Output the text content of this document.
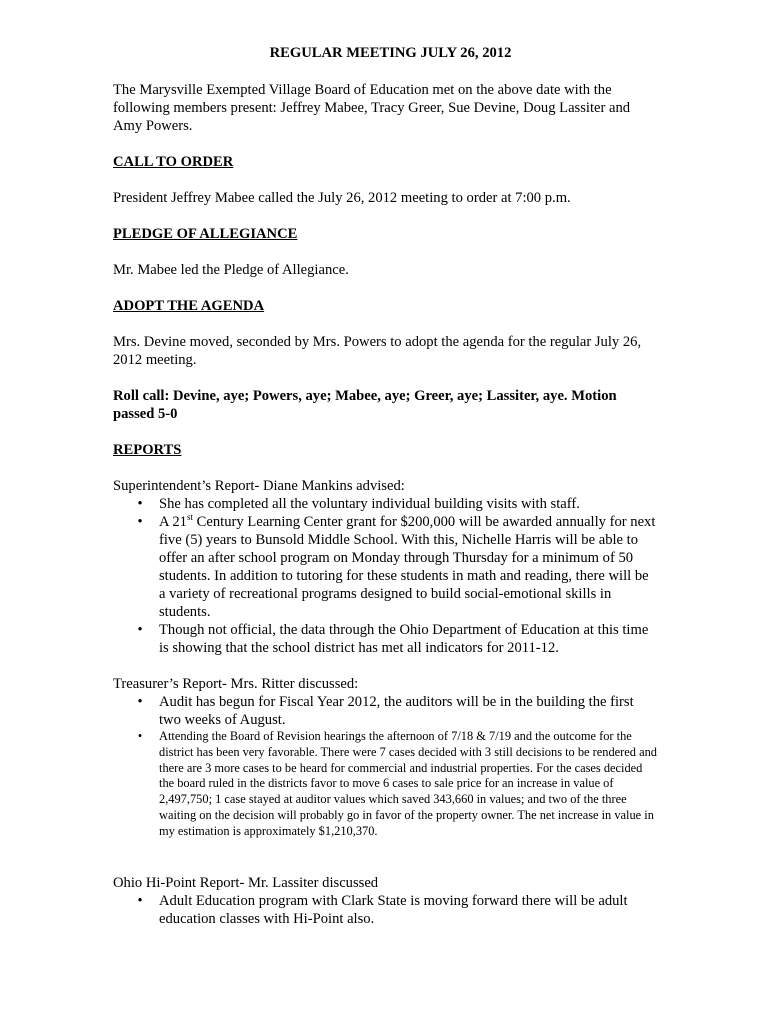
REGULAR MEETING JULY 26, 2012

The Marysville Exempted Village Board of Education met on the above date with the following members present: Jeffrey Mabee, Tracy Greer, Sue Devine, Doug Lassiter and Amy Powers.

CALL TO ORDER

President Jeffrey Mabee called the July 26, 2012 meeting to order at 7:00 p.m.

PLEDGE OF ALLEGIANCE

Mr. Mabee led the Pledge of Allegiance.

ADOPT THE AGENDA

Mrs. Devine moved, seconded by Mrs. Powers to adopt the agenda for the regular July 26, 2012 meeting.

Roll call: Devine, aye; Powers, aye; Mabee, aye; Greer, aye; Lassiter, aye. Motion passed 5-0

REPORTS

Superintendent’s Report- Diane Mankins advised:

• She has completed all the voluntary individual building visits with staff.
• A 21st Century Learning Center grant for $200,000 will be awarded annually for next five (5) years to Bunsold Middle School. With this, Nichelle Harris will be able to offer an after school program on Monday through Thursday for a minimum of 50 students. In addition to tutoring for these students in math and reading, there will be a variety of recreational programs designed to build social-emotional skills in students.
• Though not official, the data through the Ohio Department of Education at this time is showing that the school district has met all indicators for 2011-12.

Treasurer’s Report- Mrs. Ritter discussed:

• Audit has begun for Fiscal Year 2012, the auditors will be in the building the first two weeks of August.
• Attending the Board of Revision hearings the afternoon of 7/18 & 7/19 and the outcome for the district has been very favorable. There were 7 cases decided with 3 still decisions to be rendered and there are 3 more cases to be heard for commercial and industrial properties. For the cases decided the board ruled in the districts favor to move 6 cases to sale price for an increase in value of 2,497,750; 1 case stayed at auditor values which saved 343,660 in values; and two of the three waiting on the decision will probably go in favor of the property owner. The net increase in value in my estimation is approximately $1,210,370.

Ohio Hi-Point Report- Mr. Lassiter discussed

• Adult Education program with Clark State is moving forward there will be adult education classes with Hi-Point also.
